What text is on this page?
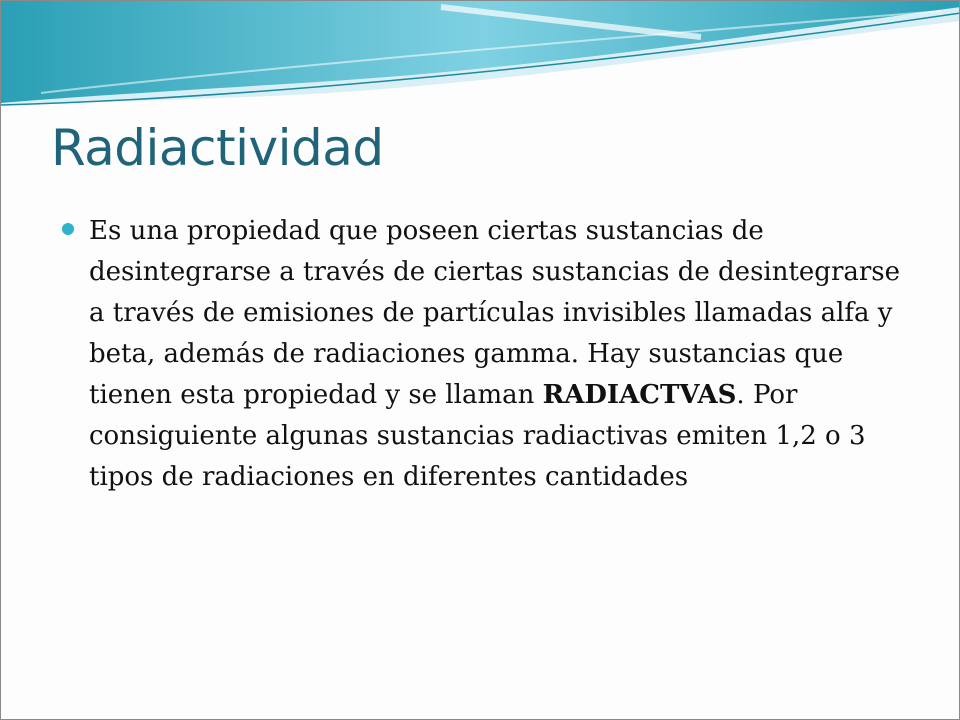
Radiactividad

Es una propiedad que poseen ciertas sustancias de desintegrarse a través de ciertas sustancias de desintegrarse a través de emisiones de partículas invisibles llamadas alfa y beta, además de radiaciones gamma. Hay sustancias que tienen esta propiedad y se llaman RADIACTVAS. Por consiguiente algunas sustancias radiactivas emiten 1,2 o 3 tipos de radiaciones en diferentes cantidades
